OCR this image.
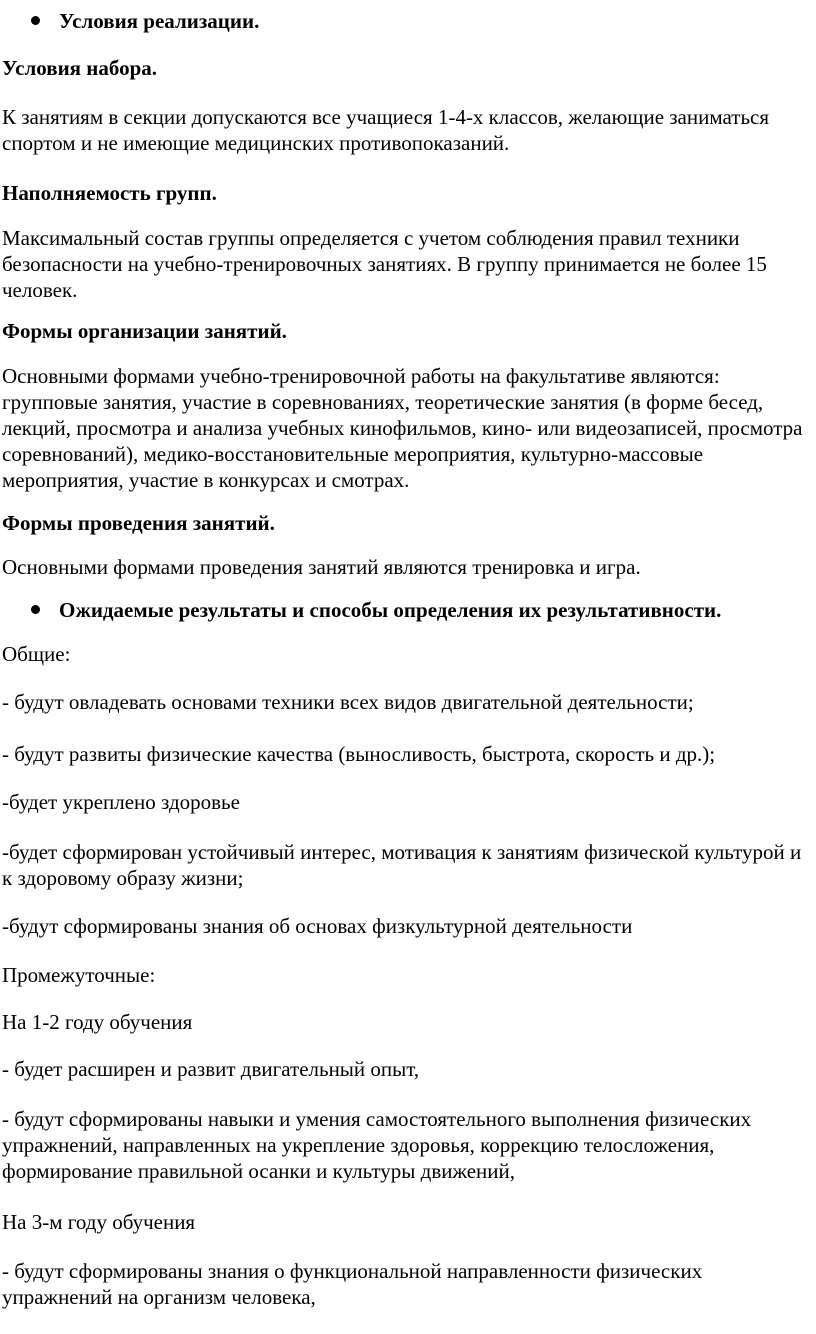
Условия реализации.

Условия набора.

К занятиям в секции допускаются все учащиеся 1-4-х классов, желающие заниматься спортом и не имеющие медицинских противопоказаний.

Наполняемость групп.

Максимальный состав группы определяется с учетом соблюдения правил техники безопасности на учебно-тренировочных занятиях. В группу принимается не более 15 человек.

Формы организации занятий.

Основными формами учебно-тренировочной работы на факультативе являются: групповые занятия, участие в соревнованиях, теоретические занятия (в форме бесед, лекций, просмотра и анализа учебных кинофильмов, кино- или видеозаписей, просмотра соревнований), медико-восстановительные мероприятия, культурно-массовые мероприятия, участие в конкурсах и смотрах.

Формы проведения занятий.

Основными формами проведения занятий являются тренировка и игра.

Ожидаемые результаты и способы определения их результативности.

Общие:

- будут овладевать основами техники всех видов двигательной деятельности;

- будут развиты физические качества (выносливость, быстрота, скорость и др.);

-будет укреплено здоровье

-будет сформирован устойчивый интерес, мотивация к занятиям физической культурой и к здоровому образу жизни;

-будут сформированы знания об основах физкультурной деятельности

Промежуточные:

На 1-2 году обучения

- будет расширен и развит двигательный опыт,

- будут сформированы навыки и умения самостоятельного выполнения физических упражнений, направленных на укрепление здоровья, коррекцию телосложения, формирование правильной осанки и культуры движений,

На 3-м году обучения

- будут сформированы знания о функциональной направленности физических упражнений на организм человека,
